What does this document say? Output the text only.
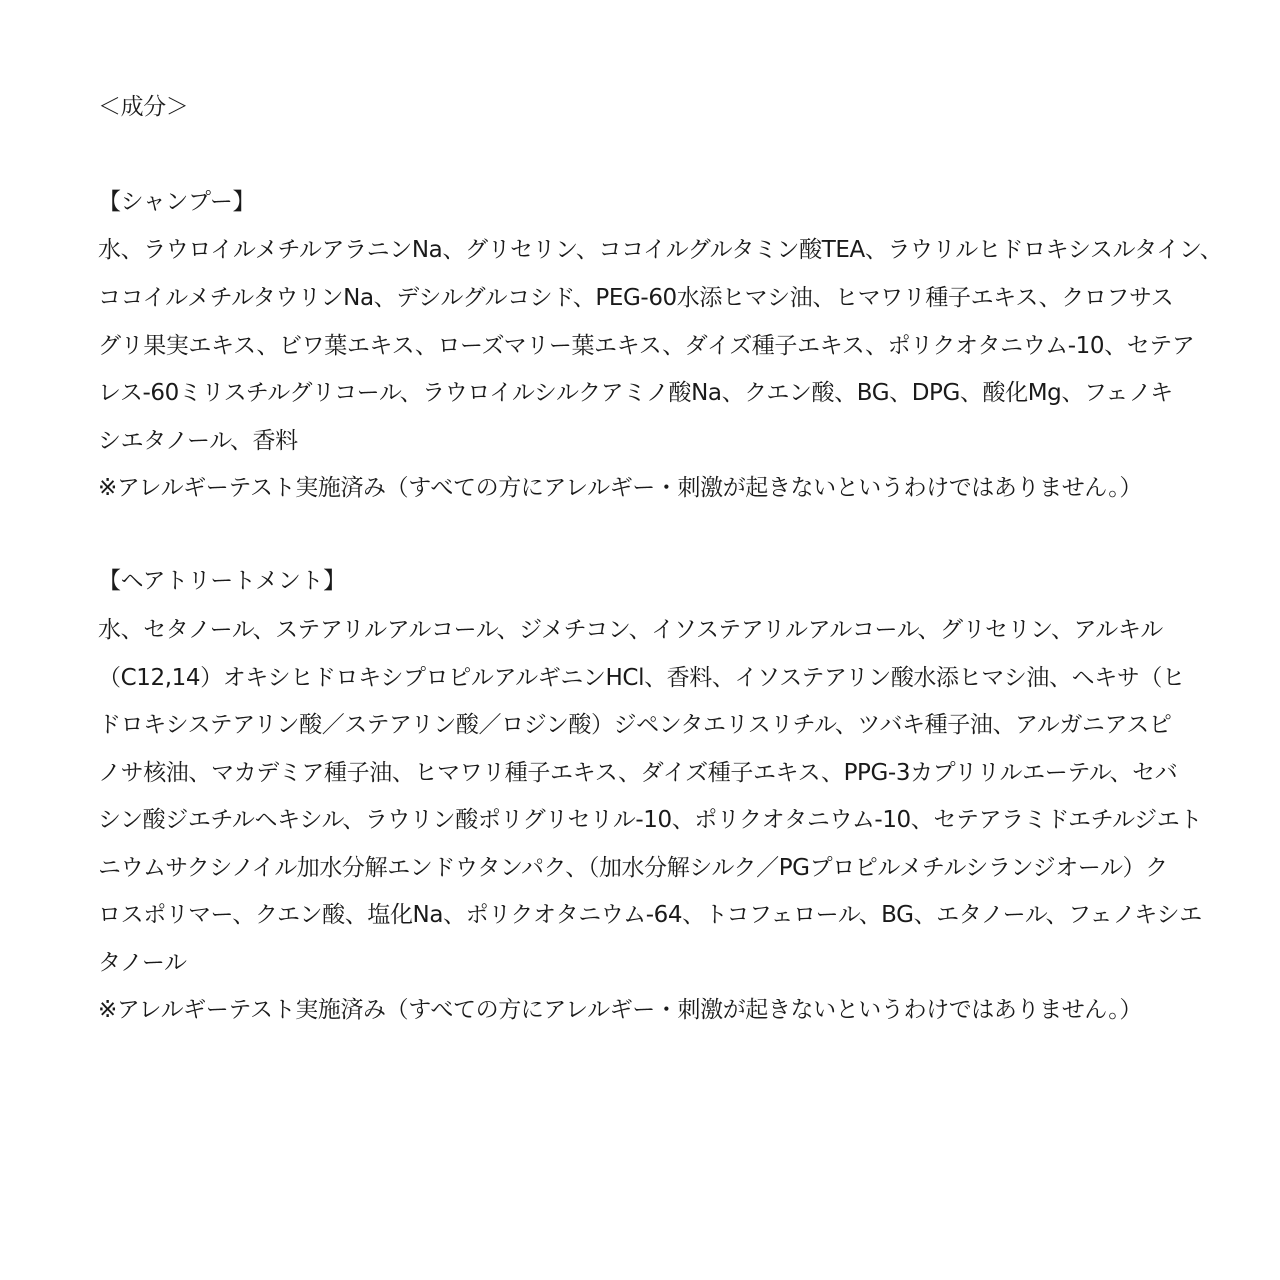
＜成分＞
【シャンプー】
水、ラウロイルメチルアラニンNa、グリセリン、ココイルグルタミン酸TEA、ラウリルヒドロキシスルタイン、
ココイルメチルタウリンNa、デシルグルコシド、PEG-60水添ヒマシ油、ヒマワリ種子エキス、クロフサス
グリ果実エキス、ビワ葉エキス、ローズマリー葉エキス、ダイズ種子エキス、ポリクオタニウム-10、セテア
レス-60ミリスチルグリコール、ラウロイルシルクアミノ酸Na、クエン酸、BG、DPG、酸化Mg、フェノキ
シエタノール、香料
※アレルギーテスト実施済み（すべての方にアレルギー・刺激が起きないというわけではありません。）
【ヘアトリートメント】
水、セタノール、ステアリルアルコール、ジメチコン、イソステアリルアルコール、グリセリン、アルキル
（C12,14）オキシヒドロキシプロピルアルギニンHCl、香料、イソステアリン酸水添ヒマシ油、ヘキサ（ヒ
ドロキシステアリン酸／ステアリン酸／ロジン酸）ジペンタエリスリチル、ツバキ種子油、アルガニアスピ
ノサ核油、マカデミア種子油、ヒマワリ種子エキス、ダイズ種子エキス、PPG-3カプリリルエーテル、セバ
シン酸ジエチルヘキシル、ラウリン酸ポリグリセリル-10、ポリクオタニウム-10、セテアラミドエチルジエト
ニウムサクシノイル加水分解エンドウタンパク、（加水分解シルク／PGプロピルメチルシランジオール）ク
ロスポリマー、クエン酸、塩化Na、ポリクオタニウム-64、トコフェロール、BG、エタノール、フェノキシエ
タノール
※アレルギーテスト実施済み（すべての方にアレルギー・刺激が起きないというわけではありません。）
